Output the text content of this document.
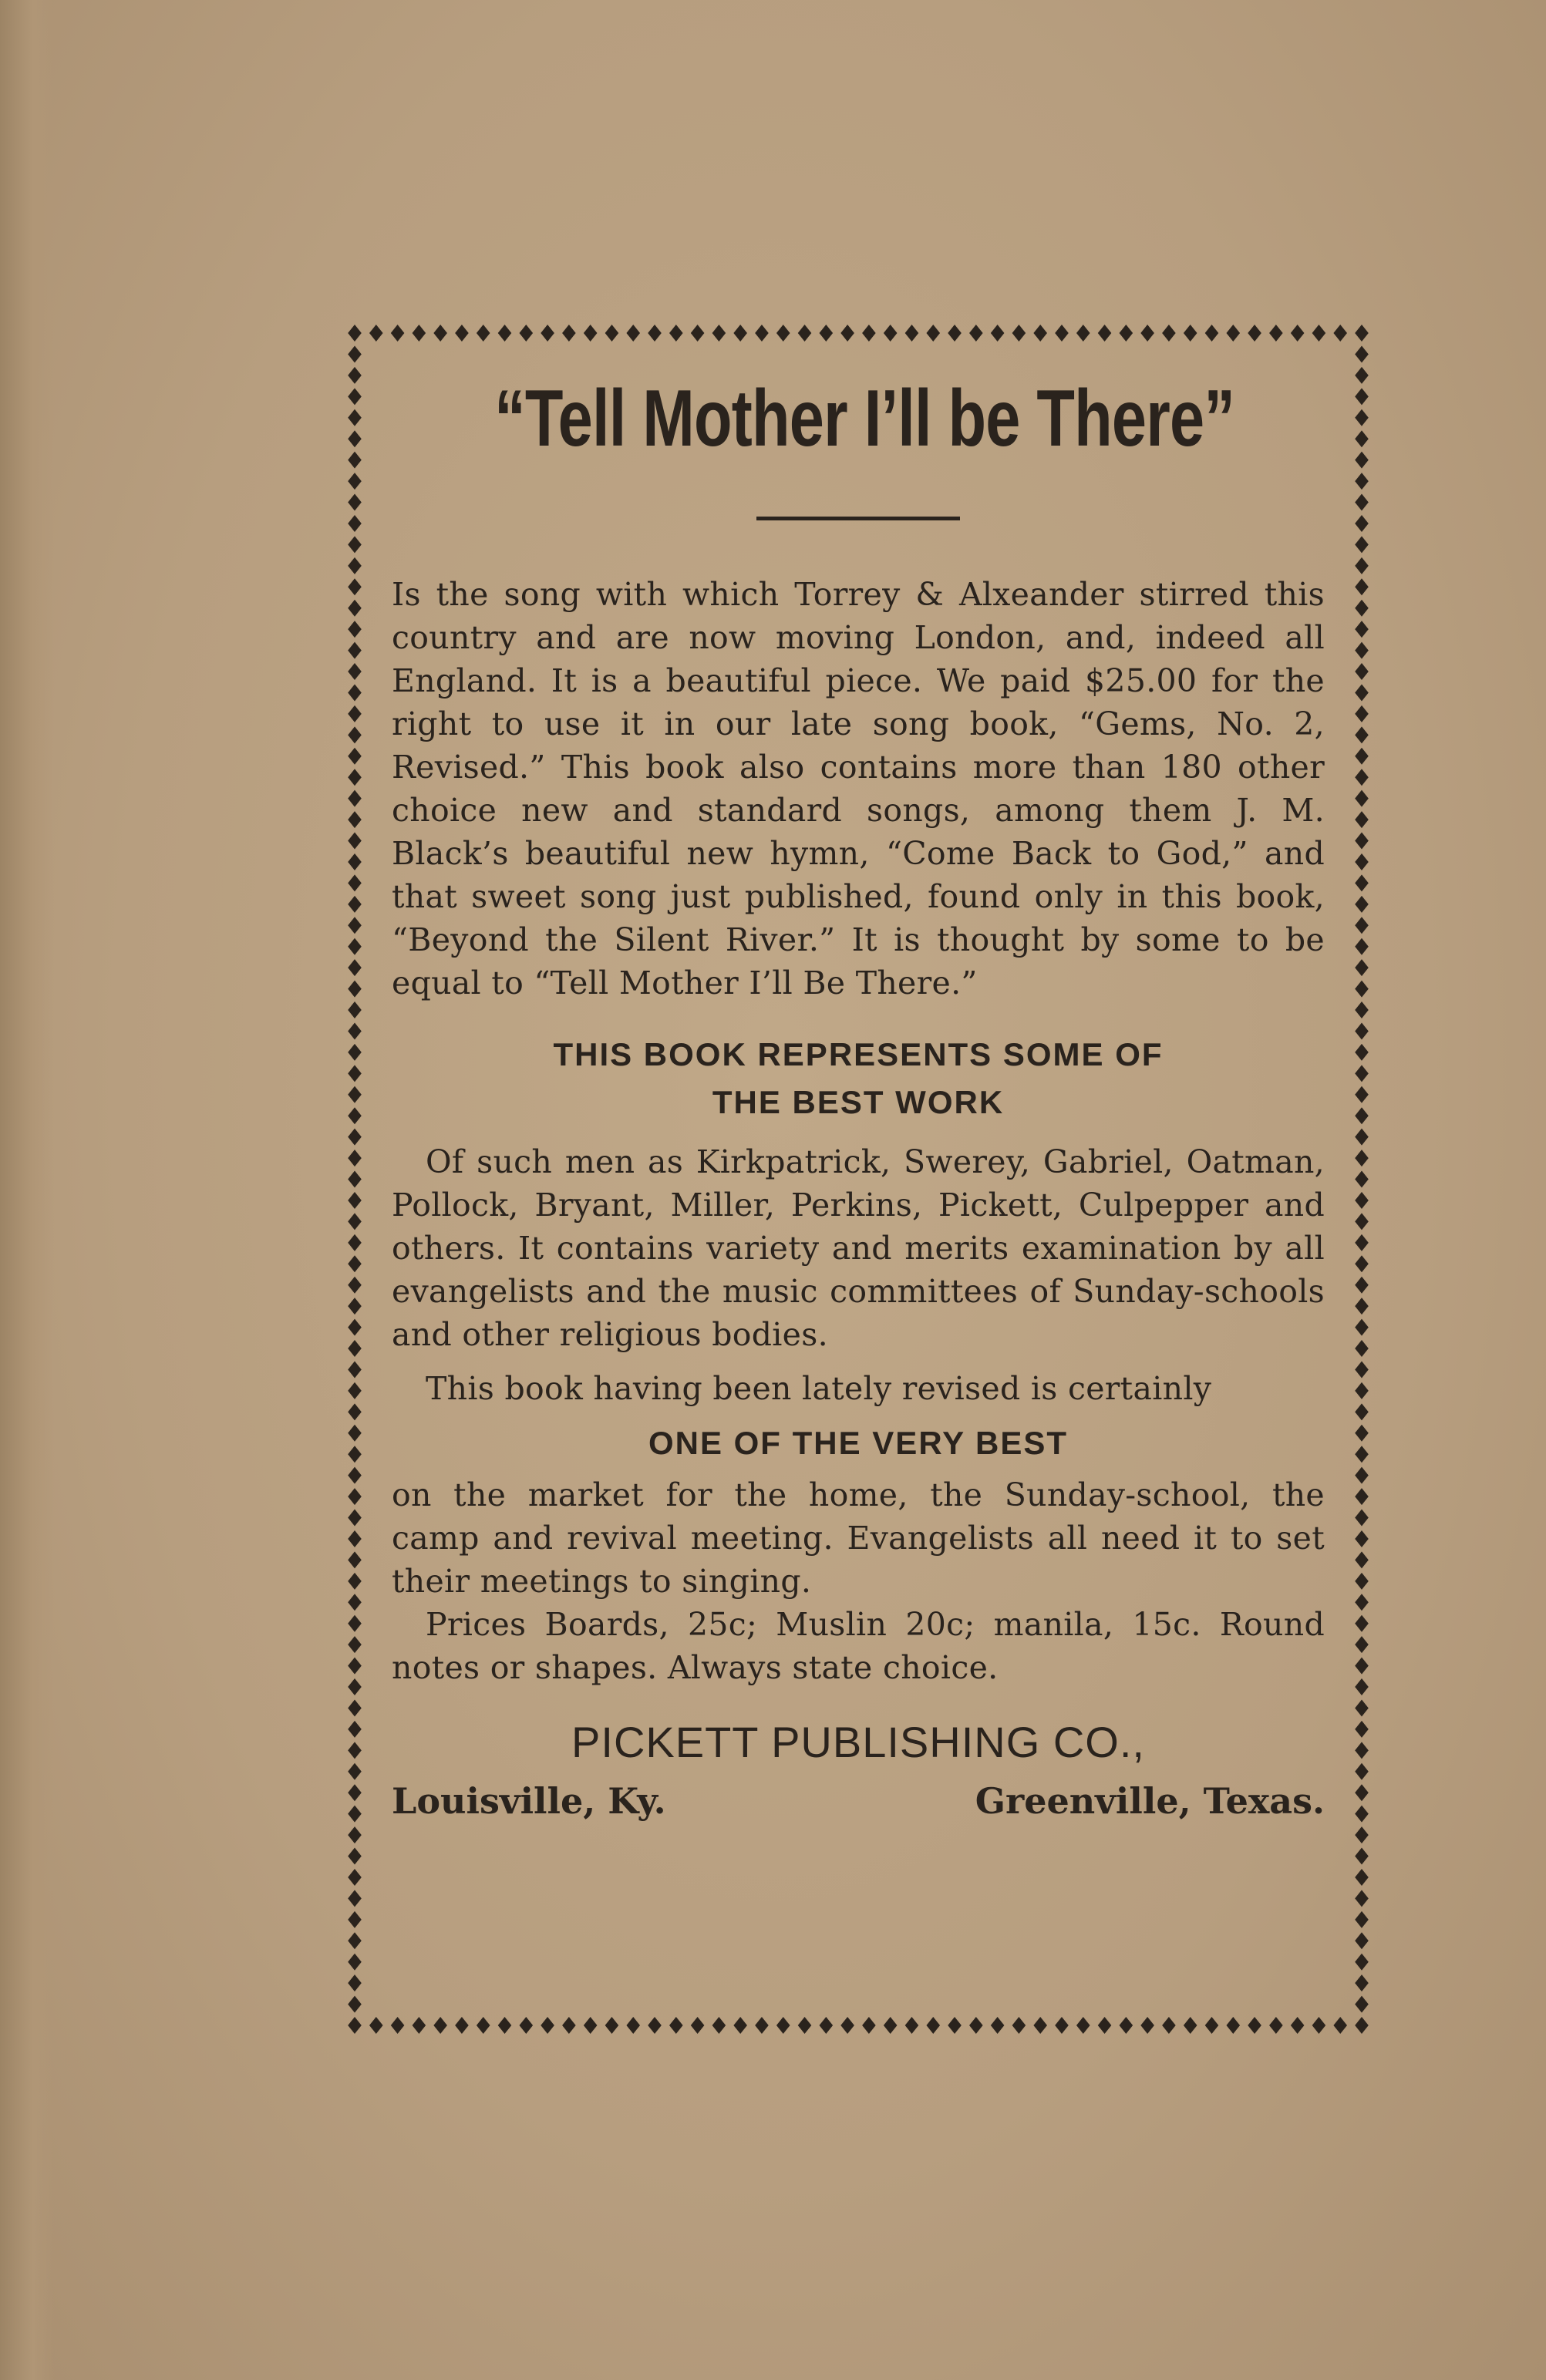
“Tell Mother I’ll be There”

Is the song with which Torrey & Alxeander stirred this country and are now moving London, and, indeed all England. It is a beautiful piece. We paid $25.00 for the right to use it in our late song book, “Gems, No. 2, Revised.” This book also contains more than 180 other choice new and standard songs, among them J. M. Black’s beautiful new hymn, “Come Back to God,” and that sweet song just published, found only in this book, “Beyond the Silent River.” It is thought by some to be equal to “Tell Mother I’ll Be There.”

THIS BOOK REPRESENTS SOME OF

THE BEST WORK

Of such men as Kirkpatrick, Swerey, Gabriel, Oatman, Pollock, Bryant, Miller, Perkins, Pickett, Culpepper and others. It contains variety and merits examination by all evangelists and the music committees of Sunday-schools and other religious bodies.

This book having been lately revised is certainly

ONE OF THE VERY BEST

on the market for the home, the Sunday-school, the camp and revival meeting. Evangelists all need it to set their meetings to singing.

Prices Boards, 25c; Muslin 20c; manila, 15c. Round notes or shapes. Always state choice.

PICKETT PUBLISHING CO.,

Louisville, Ky.	Greenville, Texas.
